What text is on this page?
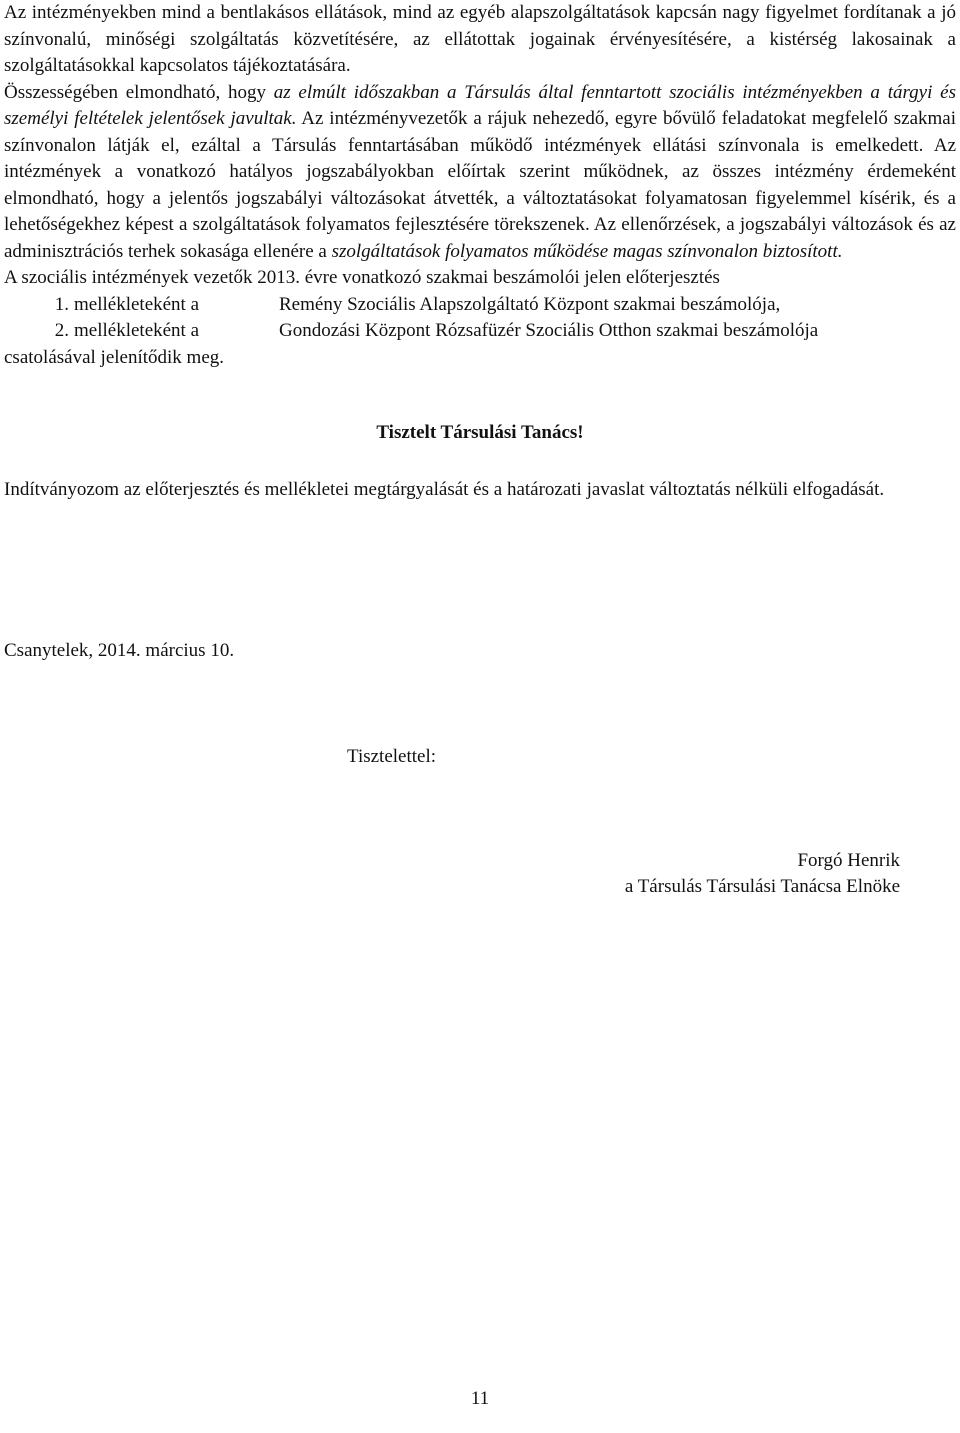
Az intézményekben mind a bentlakásos ellátások, mind az egyéb alapszolgáltatások kapcsán nagy figyelmet fordítanak a jó színvonalú, minőségi szolgáltatás közvetítésére, az ellátottak jogainak érvényesítésére, a kistérség lakosainak a szolgáltatásokkal kapcsolatos tájékoztatására.

Összességében elmondható, hogy az elmúlt időszakban a Társulás által fenntartott szociális intézményekben a tárgyi és személyi feltételek jelentősek javultak. Az intézményvezetők a rájuk nehezedő, egyre bővülő feladatokat megfelelő szakmai színvonalon látják el, ezáltal a Társulás fenntartásában működő intézmények ellátási színvonala is emelkedett. Az intézmények a vonatkozó hatályos jogszabályokban előírtak szerint működnek, az összes intézmény érdemeként elmondható, hogy a jelentős jogszabályi változásokat átvették, a változtatásokat folyamatosan figyelemmel kísérik, és a lehetőségekhez képest a szolgáltatások folyamatos fejlesztésére törekszenek. Az ellenőrzések, a jogszabályi változások és az adminisztrációs terhek sokasága ellenére a szolgáltatások folyamatos működése magas színvonalon biztosított.

A szociális intézmények vezetők 2013. évre vonatkozó szakmai beszámolói jelen előterjesztés

1. mellékleteként a	Remény Szociális Alapszolgáltató Központ szakmai beszámolója,
2. mellékleteként a	Gondozási Központ Rózsafüzér Szociális Otthon szakmai beszámolója

csatolásával jelenítődik meg.

Tisztelt Társulási Tanács!
Indítványozom az előterjesztés és mellékletei megtárgyalását és a határozati javaslat változtatás nélküli elfogadását.
Csanytelek, 2014. március 10.
Tisztelettel:
Forgó Henrik
a Társulás Társulási Tanácsa Elnöke
11
